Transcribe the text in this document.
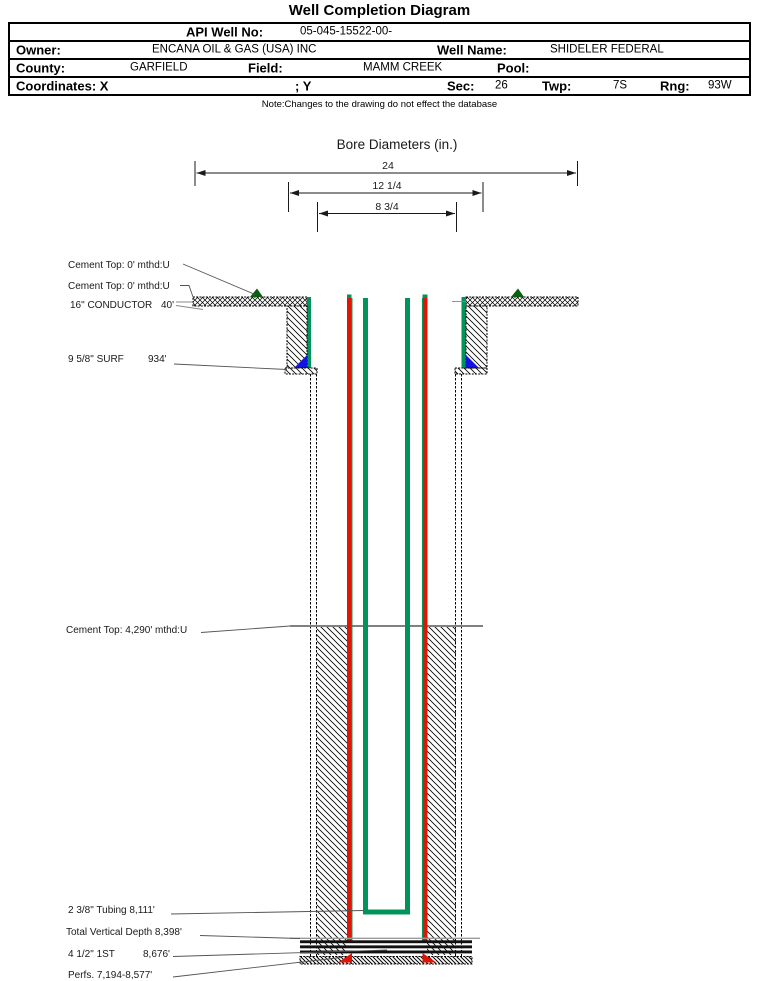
Well Completion Diagram
API Well No:	05-045-15522-00-
Owner:	ENCANA OIL & GAS (USA) INC	Well Name:	SHIDELER FEDERAL
County:	GARFIELD	Field:	MAMM CREEK	Pool:
Coordinates: X	; Y	Sec: 26	Twp:	7S	Rng: 93W
Note:Changes to the drawing do not effect the database
Bore Diameters (in.)
24
12 1/4
8 3/4
Cement Top: 0' mthd:U
Cement Top: 0' mthd:U
16" CONDUCTOR 40'
9 5/8" SURF 934'
Cement Top: 4,290' mthd:U
2 3/8" Tubing 8,111'
Total Vertical Depth 8,398'
4 1/2" 1ST	8,676'
Perfs. 7,194-8,577'
